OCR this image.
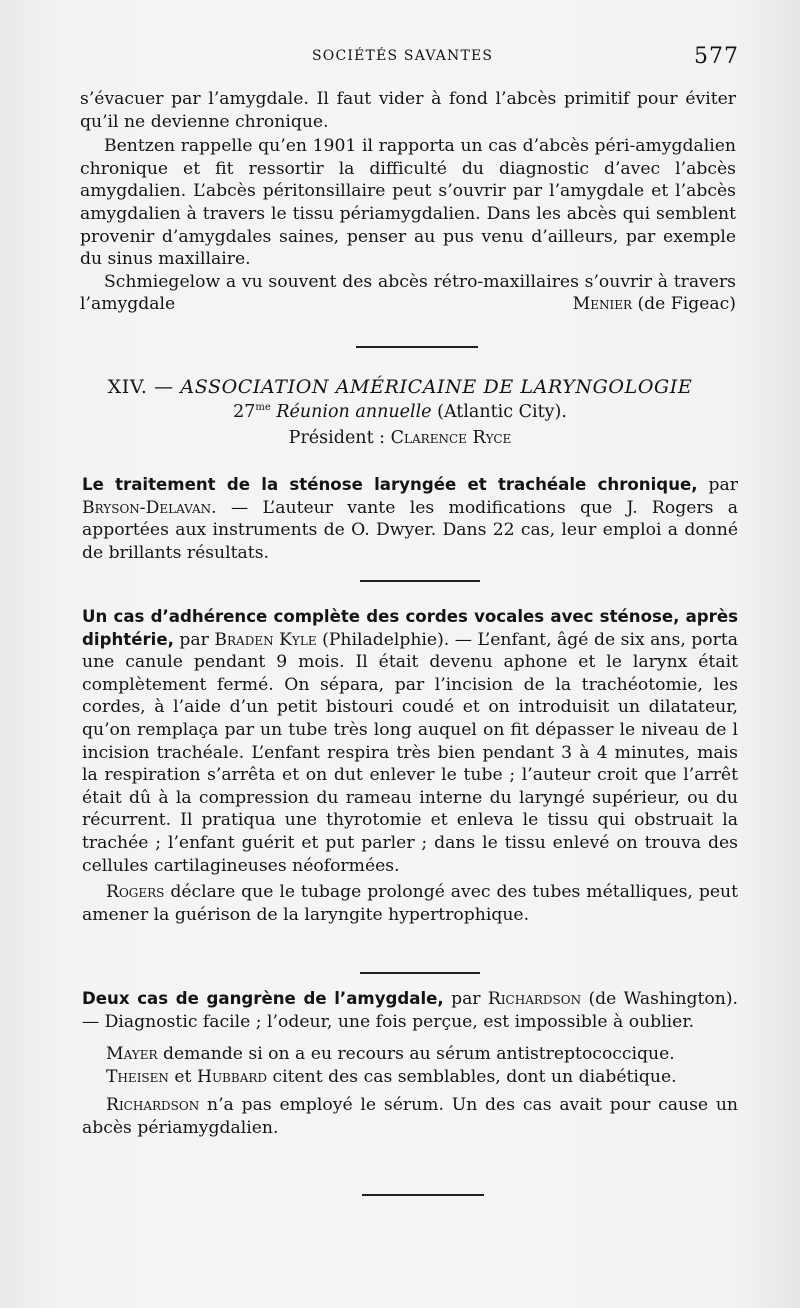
SOCIÉTÉS SAVANTES	577

s’évacuer par l’amygdale. Il faut vider à fond l’abcès primitif pour éviter qu’il ne devienne chronique.

Bentzen rappelle qu’en 1901 il rapporta un cas d’abcès péri-amygdalien chronique et fit ressortir la difficulté du diagnostic d’avec l’abcès amygdalien. L’abcès péritonsillaire peut s’ouvrir par l’amygdale et l’abcès amygdalien à travers le tissu périamygdalien. Dans les abcès qui semblent provenir d’amygdales saines, penser au pus venu d’ailleurs, par exemple du sinus maxillaire.

Schmiegelow a vu souvent des abcès rétro-maxillaires s’ouvrir à travers l’amygdale	Menier (de Figeac)

XIV. — ASSOCIATION AMÉRICAINE DE LARYNGOLOGIE
$27^{me}$ Réunion annuelle (Atlantic City).
Président : Clarence Ryce

Le traitement de la sténose laryngée et trachéale chronique, par Bryson-Delavan. — L’auteur vante les modifications que J. Rogers a apportées aux instruments de O. Dwyer. Dans 22 cas, leur emploi a donné de brillants résultats.

Un cas d’adhérence complète des cordes vocales avec sténose, après diphtérie, par Braden Kyle (Philadelphie). — L’enfant, âgé de six ans, porta une canule pendant 9 mois. Il était devenu aphone et le larynx était complètement fermé. On sépara, par l’incision de la trachéotomie, les cordes, à l’aide d’un petit bistouri coudé et on introduisit un dilatateur, qu’on remplaça par un tube très long auquel on fit dépasser le niveau de l incision trachéale. L’enfant respira très bien pendant 3 à 4 minutes, mais la respiration s’arrêta et on dut enlever le tube ; l’auteur croit que l’arrêt était dû à la compression du rameau interne du laryngé supérieur, ou du récurrent. Il pratiqua une thyrotomie et enleva le tissu qui obstruait la trachée ; l’enfant guérit et put parler ; dans le tissu enlevé on trouva des cellules cartilagineuses néoformées.

Rogers déclare que le tubage prolongé avec des tubes métalliques, peut amener la guérison de la laryngite hypertrophique.

Deux cas de gangrène de l’amygdale, par Richardson (de Washington). — Diagnostic facile ; l’odeur, une fois perçue, est impossible à oublier.

Mayer demande si on a eu recours au sérum antistreptococcique.

Theisen et Hubbard citent des cas semblables, dont un diabétique.

Richardson n’a pas employé le sérum. Un des cas avait pour cause un abcès périamygdalien.
